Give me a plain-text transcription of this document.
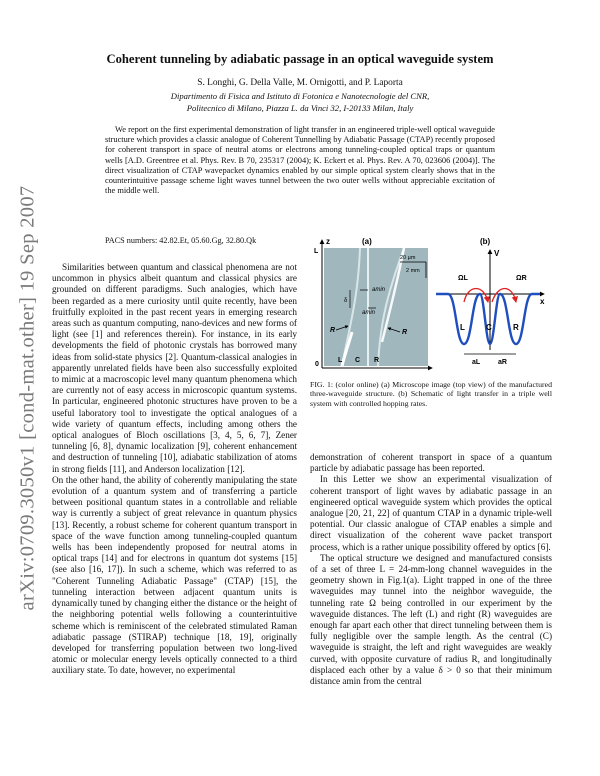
Coherent tunneling by adiabatic passage in an optical waveguide system
S. Longhi, G. Della Valle, M. Ornigotti, and P. Laporta
Dipartimento di Fisica and Istituto di Fotonica e Nanotecnologie del CNR,
Politecnico di Milano, Piazza L. da Vinci 32, I-20133 Milan, Italy
We report on the first experimental demonstration of light transfer in an engineered triple-well optical waveguide structure which provides a classic analogue of Coherent Tunnelling by Adiabatic Passage (CTAP) recently proposed for coherent transport in space of neutral atoms or electrons among tunneling-coupled optical traps or quantum wells [A.D. Greentree et al. Phys. Rev. B 70, 235317 (2004); K. Eckert et al. Phys. Rev. A 70, 023606 (2004)]. The direct visualization of CTAP wavepacket dynamics enabled by our simple optical system clearly shows that in the counterintuitive passage scheme light waves tunnel between the two outer wells without appreciable excitation of the middle well.
PACS numbers: 42.82.Et, 05.60.Gg, 32.80.Qk
arXiv:0709.3050v1 [cond-mat.other] 19 Sep 2007	Similarities between quantum and classical phenomena are not uncommon in physics albeit quantum and classical physics are grounded on different paradigms. Such analogies, which have been regarded as a mere curiosity until quite recently, have been fruitfully exploited in the past recent years in emerging research areas such as quantum computing, nano-devices and new forms of light (see [1] and references therein). For instance, in its early developments the field of photonic crystals has borrowed many ideas from solid-state physics [2]. Quantum-classical analogies in apparently unrelated fields have been also successfully exploited to mimic at a macroscopic level many quantum phenomena which are currently not of easy access in microscopic quantum systems. In particular, engineered photonic structures have proven to be a useful laboratory tool to investigate the optical analogues of a wide variety of quantum effects, including among others the optical analogues of Bloch oscillations [3, 4, 5, 6, 7], Zener tunneling [6, 8], dynamic localization [9], coherent enhancement and destruction of tunneling [10], adiabatic stabilization of atoms in strong fields [11], and Anderson localization [12].

On the other hand, the ability of coherently manipulating the state evolution of a quantum system and of transferring a particle between positional quantum states in a controllable and reliable way is currently a subject of great relevance in quantum physics [13]. Recently, a robust scheme for coherent quantum transport in space of the wave function among tunneling-coupled quantum wells has been independently proposed for neutral atoms in optical traps [14] and for electrons in quantum dot systems [15] (see also [16, 17]). In such a scheme, which was referred to as "Coherent Tunneling Adiabatic Passage" (CTAP) [15], the tunneling interaction between adjacent quantum units is dynamically tuned by changing either the distance or the height of the neighboring potential wells following a counterintuitive scheme which is reminiscent of the celebrated stimulated Raman adiabatic passage (STIRAP) technique [18, 19], originally developed for transferring population between two long-lived atomic or molecular energy levels optically connected to a third auxiliary state. To date, however, no experimental

z
L
0
(a)
20 μm
2 mm
amin
amin
δ
R	R
L C R
(b)
V
x
L	C	R
ΩL	ΩR
aL	aR
FIG. 1: (color online) (a) Microscope image (top view) of the manufactured three-waveguide structure. (b) Schematic of light transfer in a triple well system with controlled hopping rates.

demonstration of coherent transport in space of a quantum particle by adiabatic passage has been reported.

In this Letter we show an experimental visualization of coherent transport of light waves by adiabatic passage in an engineered optical waveguide system which provides the optical analogue [20, 21, 22] of quantum CTAP in a dynamic triple-well potential. Our classic analogue of CTAP enables a simple and direct visualization of the coherent wave packet transport process, which is a rather unique possibility offered by optics [6].

The optical structure we designed and manufactured consists of a set of three L = 24-mm-long channel waveguides in the geometry shown in Fig.1(a). Light trapped in one of the three waveguides may tunnel into the neighbor waveguide, the tunneling rate Ω being controlled in our experiment by the waveguide distances. The left (L) and right (R) waveguides are enough far apart each other that direct tunneling between them is fully negligible over the sample length. As the central (C) waveguide is straight, the left and right waveguides are weakly curved, with opposite curvature of radius R, and longitudinally displaced each other by a value δ > 0 so that their minimum distance amin from the central
